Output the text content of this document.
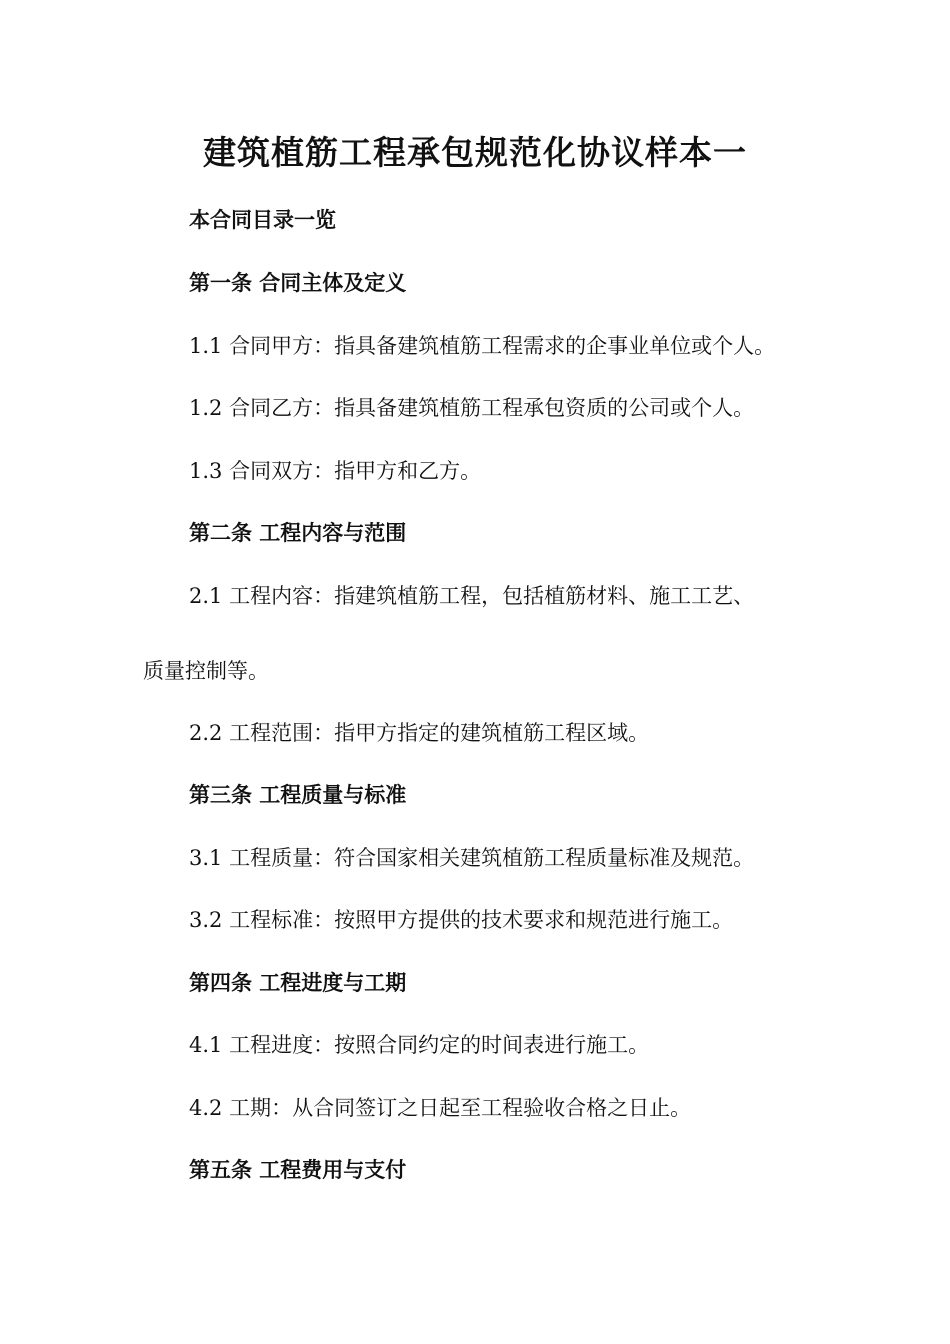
建筑植筋工程承包规范化协议样本一
本合同目录一览
第一条 合同主体及定义
1.1 合同甲方：指具备建筑植筋工程需求的企事业单位或个人。
1.2 合同乙方：指具备建筑植筋工程承包资质的公司或个人。
1.3 合同双方：指甲方和乙方。
第二条 工程内容与范围
2.1 工程内容：指建筑植筋工程，包括植筋材料、施工工艺、
质量控制等。
2.2 工程范围：指甲方指定的建筑植筋工程区域。
第三条 工程质量与标准
3.1 工程质量：符合国家相关建筑植筋工程质量标准及规范。
3.2 工程标准：按照甲方提供的技术要求和规范进行施工。
第四条 工程进度与工期
4.1 工程进度：按照合同约定的时间表进行施工。
4.2 工期：从合同签订之日起至工程验收合格之日止。
第五条 工程费用与支付
